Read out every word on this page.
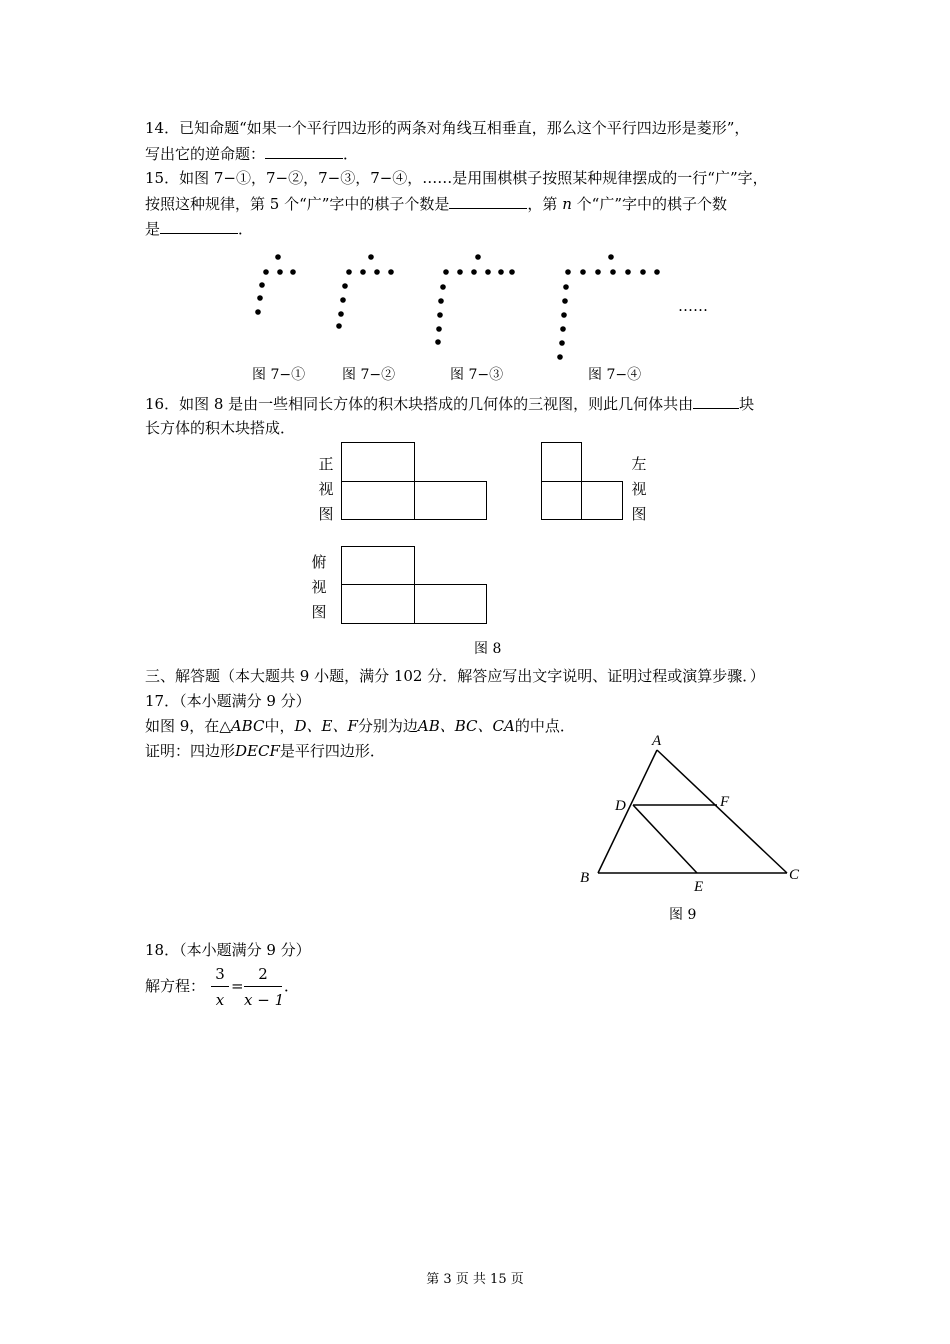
14．已知命题“如果一个平行四边形的两条对角线互相垂直，那么这个平行四边形是菱形”，
写出它的逆命题：	．
15．如图 7−①，7−②，7−③，7−④，……是用围棋棋子按照某种规律摆成的一行“广”字，
按照这种规律，第 5 个“广”字中的棋子个数是	，第 n 个“广”字中的棋子个数
是	．
……
图 7−①	图 7−②	图 7−③	图 7−④
16．如图 8 是由一些相同长方体的积木块搭成的几何体的三视图，则此几何体共由	块
长方体的积木块搭成．
正
视
图
左
视
图
俯
视
图
图 8
三、解答题（本大题共 9 小题，满分 102 分．解答应写出文字说明、证明过程或演算步骤．）
17．（本小题满分 9 分）
如图 9，在△ABC中，D、E、F分别为边AB、BC、CA的中点．
证明：四边形DECF是平行四边形．
A
B	C
D
E
F
图 9
18．（本小题满分 9 分）
解方程：
3
x
=
2
x − 1
．
第 3 页 共 15 页
